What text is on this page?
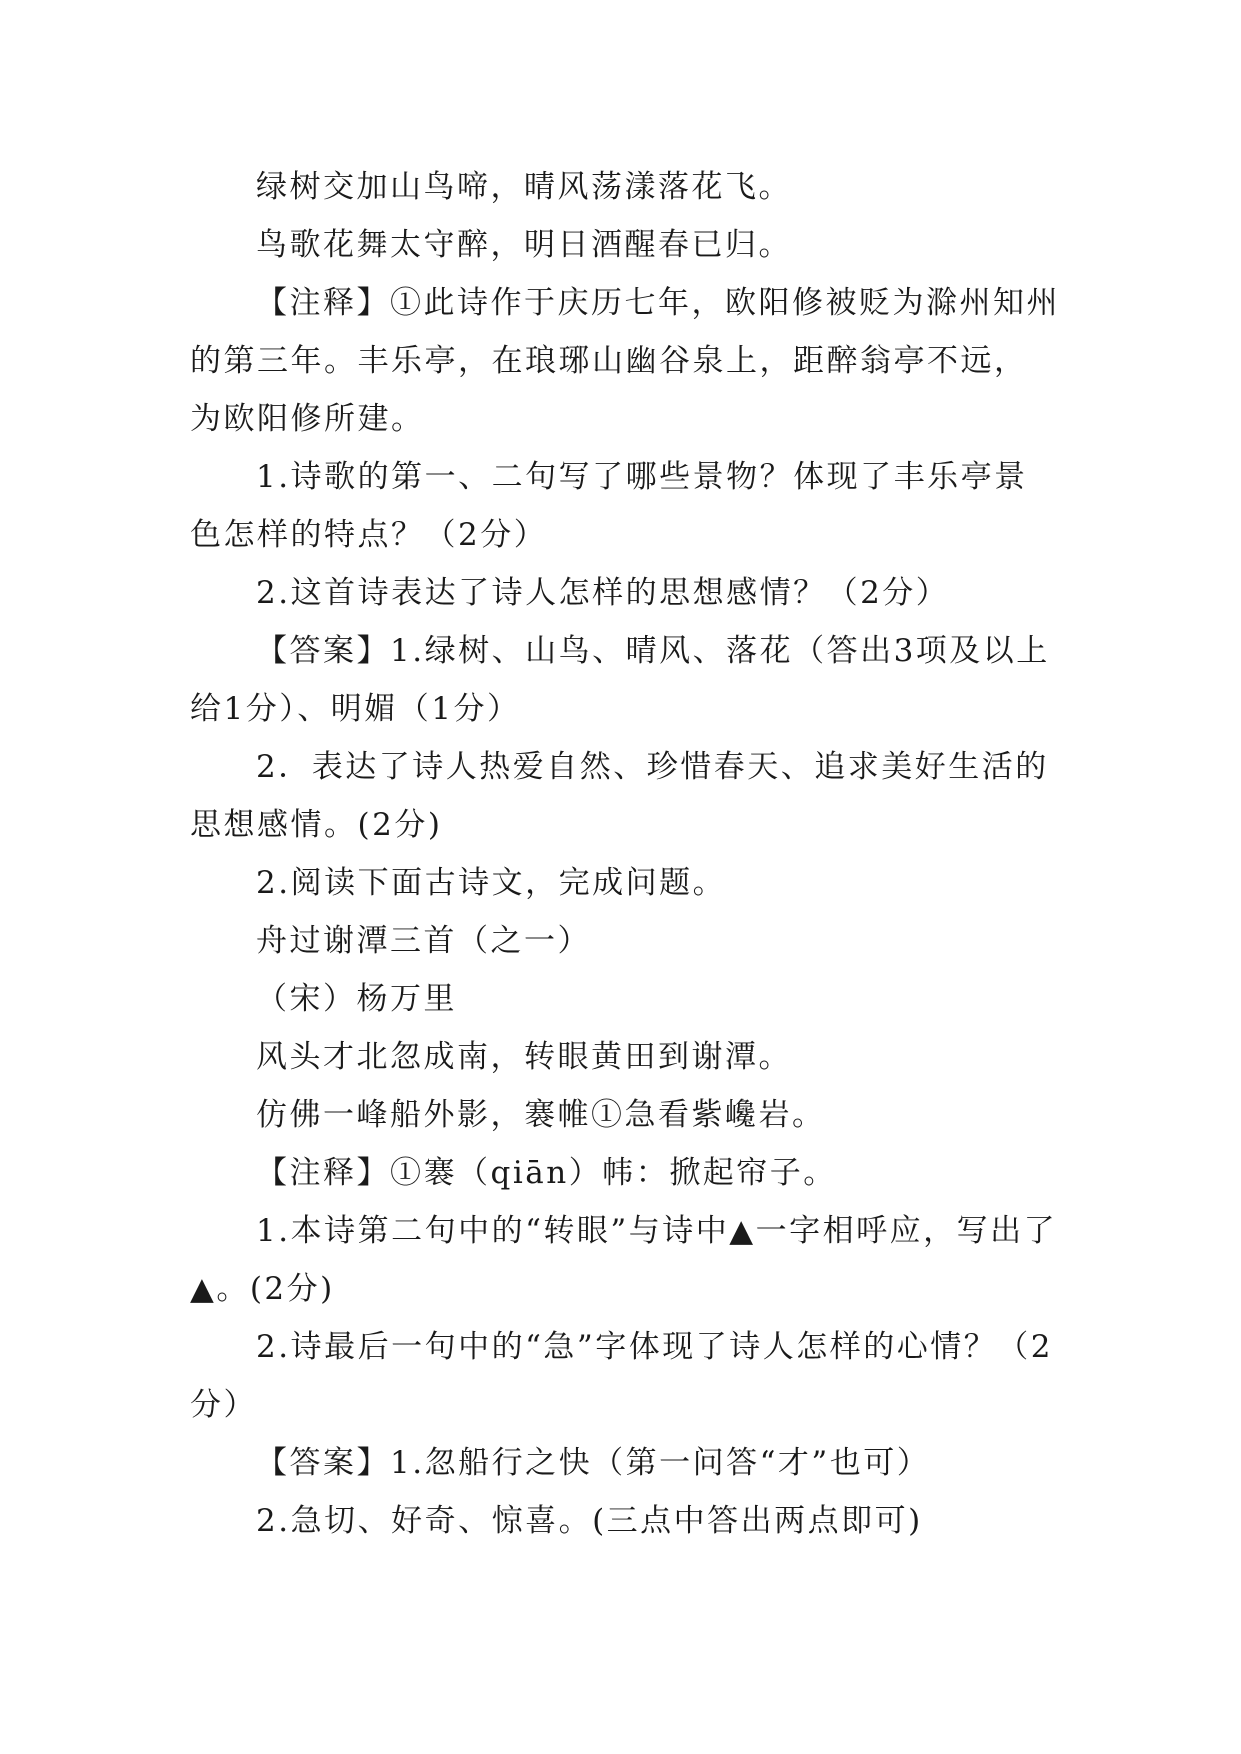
绿树交加山鸟啼，晴风荡漾落花飞。

鸟歌花舞太守醉，明日酒醒春已归。

【注释】①此诗作于庆历七年，欧阳修被贬为滁州知州的第三年。丰乐亭，在琅琊山幽谷泉上，距醉翁亭不远，为欧阳修所建。

1.诗歌的第一、二句写了哪些景物？体现了丰乐亭景色怎样的特点？（2分）

2.这首诗表达了诗人怎样的思想感情？（2分）

【答案】1.绿树、山鸟、晴风、落花（答出3项及以上给1分）、明媚（1分）

2．表达了诗人热爱自然、珍惜春天、追求美好生活的思想感情。(2分)

2.阅读下面古诗文，完成问题。

舟过谢潭三首（之一）

（宋）杨万里

风头才北忽成南，转眼黄田到谢潭。

仿佛一峰船外影，褰帷①急看紫巉岩。

【注释】①褰（qiān）帏：掀起帘子。

1.本诗第二句中的“转眼”与诗中▲一字相呼应，写出了▲。(2分)

2.诗最后一句中的“急”字体现了诗人怎样的心情？（2分）

【答案】1.忽船行之快（第一问答“才”也可）

2.急切、好奇、惊喜。(三点中答出两点即可)
